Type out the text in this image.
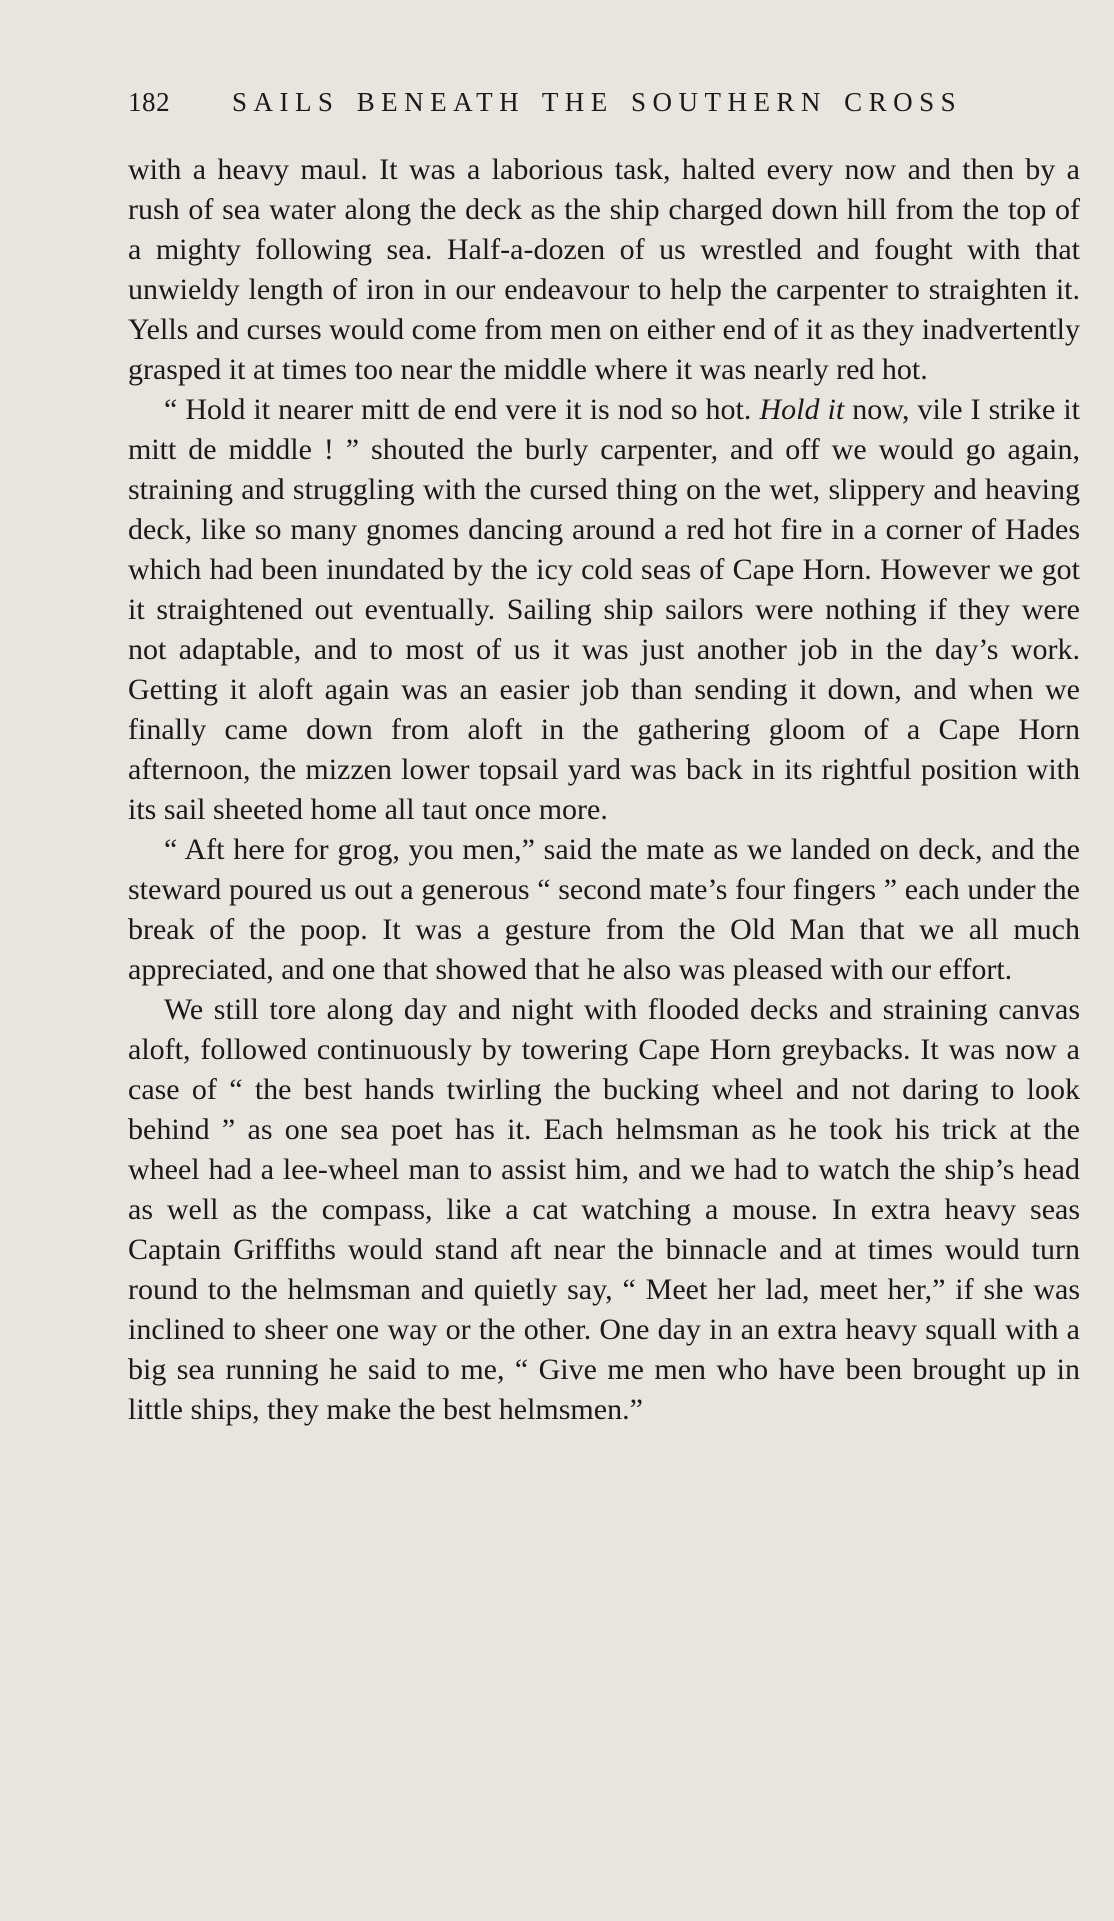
182 SAILS BENEATH THE SOUTHERN CROSS

with a heavy maul. It was a laborious task, halted every now and then by a rush of sea water along the deck as the ship charged down hill from the top of a mighty following sea. Half-a-dozen of us wrestled and fought with that unwieldy length of iron in our endeavour to help the carpenter to straighten it. Yells and curses would come from men on either end of it as they inadvertently grasped it at times too near the middle where it was nearly red hot.

“ Hold it nearer mitt de end vere it is nod so hot. Hold it now, vile I strike it mitt de middle ! ” shouted the burly carpenter, and off we would go again, straining and struggling with the cursed thing on the wet, slippery and heaving deck, like so many gnomes dancing around a red hot fire in a corner of Hades which had been inundated by the icy cold seas of Cape Horn. However we got it straightened out eventually. Sailing ship sailors were nothing if they were not adaptable, and to most of us it was just another job in the day’s work. Getting it aloft again was an easier job than sending it down, and when we finally came down from aloft in the gathering gloom of a Cape Horn afternoon, the mizzen lower topsail yard was back in its rightful position with its sail sheeted home all taut once more.

“ Aft here for grog, you men,” said the mate as we landed on deck, and the steward poured us out a generous “ second mate’s four fingers ” each under the break of the poop. It was a gesture from the Old Man that we all much appreciated, and one that showed that he also was pleased with our effort.

We still tore along day and night with flooded decks and straining canvas aloft, followed continuously by towering Cape Horn greybacks. It was now a case of “ the best hands twirling the bucking wheel and not daring to look behind ” as one sea poet has it. Each helmsman as he took his trick at the wheel had a lee-wheel man to assist him, and we had to watch the ship’s head as well as the compass, like a cat watching a mouse. In extra heavy seas Captain Griffiths would stand aft near the binnacle and at times would turn round to the helmsman and quietly say, “ Meet her lad, meet her,” if she was inclined to sheer one way or the other. One day in an extra heavy squall with a big sea running he said to me, “ Give me men who have been brought up in little ships, they make the best helmsmen.”
